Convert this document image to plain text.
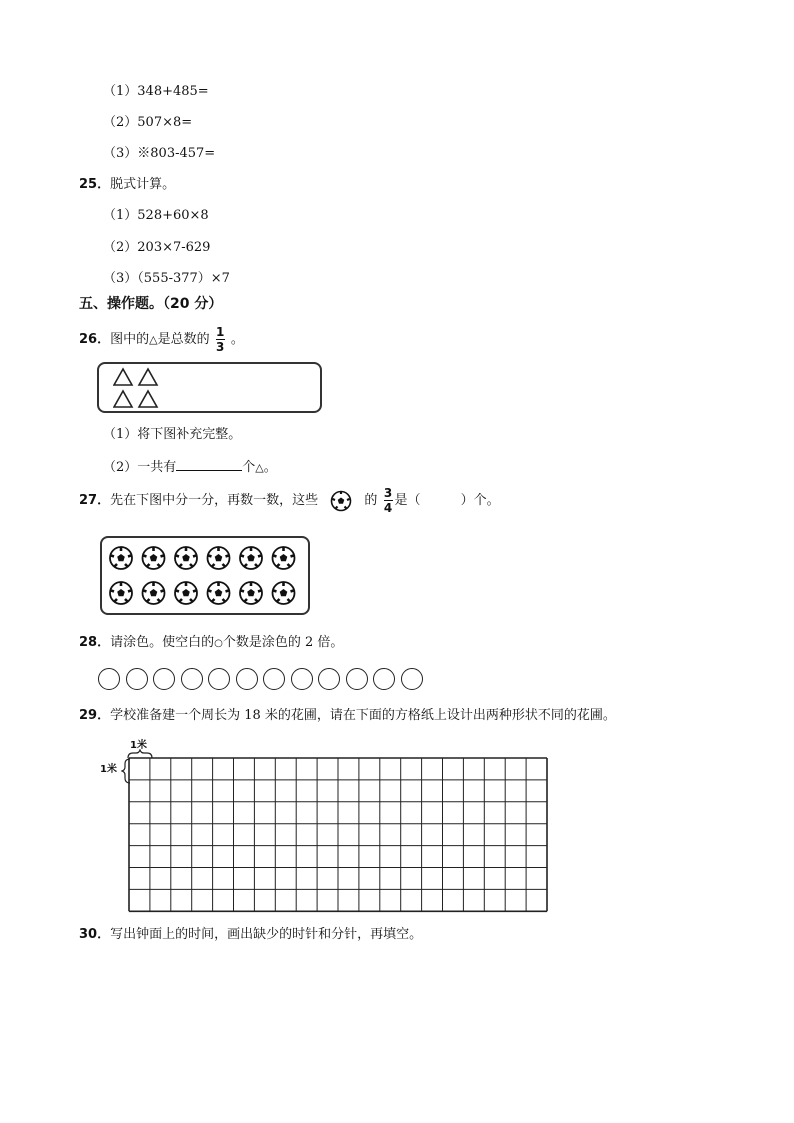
（1）348+485=
（2）507×8=
（3）※803-457=
25．脱式计算。
（1）528+60×8
（2）203×7-629
（3）（555-377）×7
五、操作题。（20 分）
26．图中的△是总数的 $\frac{1}{3}$ 。
（1）将下图补充完整。
（2）一共有	个△。
27．先在下图中分一分，再数一数，这些	的 $\frac{3}{4}$ 是（	）个。
28．请涂色。使空白的○个数是涂色的 2 倍。
29．学校准备建一个周长为 18 米的花圃，请在下面的方格纸上设计出两种形状不同的花圃。
1米
1米
30．写出钟面上的时间，画出缺少的时针和分针，再填空。
